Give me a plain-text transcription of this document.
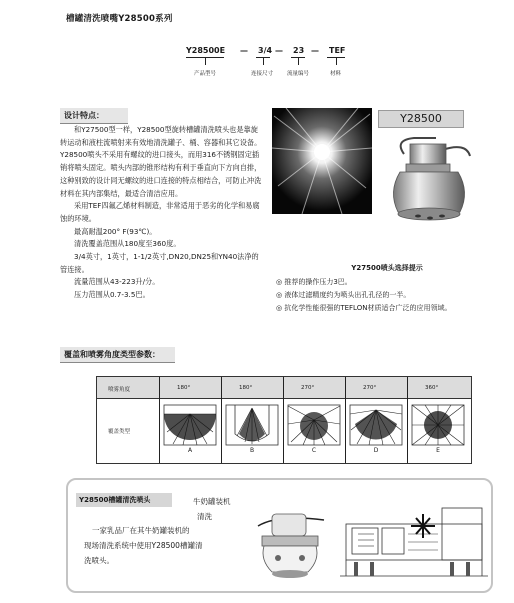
槽罐清洗喷嘴Y28500系列
Y28500E — 3/4 — 23 — TEF
产品型号	连接尺寸	流量编号	材料
设计特点：

和Y27500型一样，Y28500型旋转槽罐清洗喷头也是靠旋转运动和液柱流喷射来有效地清洗罐子、桶、容器和其它设备。Y28500喷头不采用有螺纹的进口接头，而用316不锈钢固定插销将喷头固定。喷头内部的锥形结构有利于垂直向下方向自排，这种别致的设计同无螺纹的进口连接的特点相结合，可防止冲洗材料在其内部集结，最适合清洁应用。

采用TEF四氟乙烯材料制造，非常适用于恶劣的化学和易腐蚀的环境。

最高耐温200° F(93℃)。

清洗覆盖范围从180度至360度。

3/4英寸，1英寸，1-1/2英寸,DN20,DN25和YN40法净的管连接。

流量范围从43-223升/分。

压力范围从0.7-3.5巴。

Y28500
Y27500喷头选择提示
◎ 推荐的操作压力3巴。
◎ 液体过滤精度约为喷头出孔孔径的一半。
◎ 抗化学性能很强的TEFLON材质适合广泛的应用领域。
覆盖和喷雾角度类型参数：
喷雾角度
覆盖类型
180°	180°	270°	270°	360°
A	B	C	D	E
Y28500槽罐清洗喷头	牛奶罐装机
清洗
一家乳品厂在其牛奶罐装机的
现场清洗系统中使用Y28500槽罐清
洗喷头。
